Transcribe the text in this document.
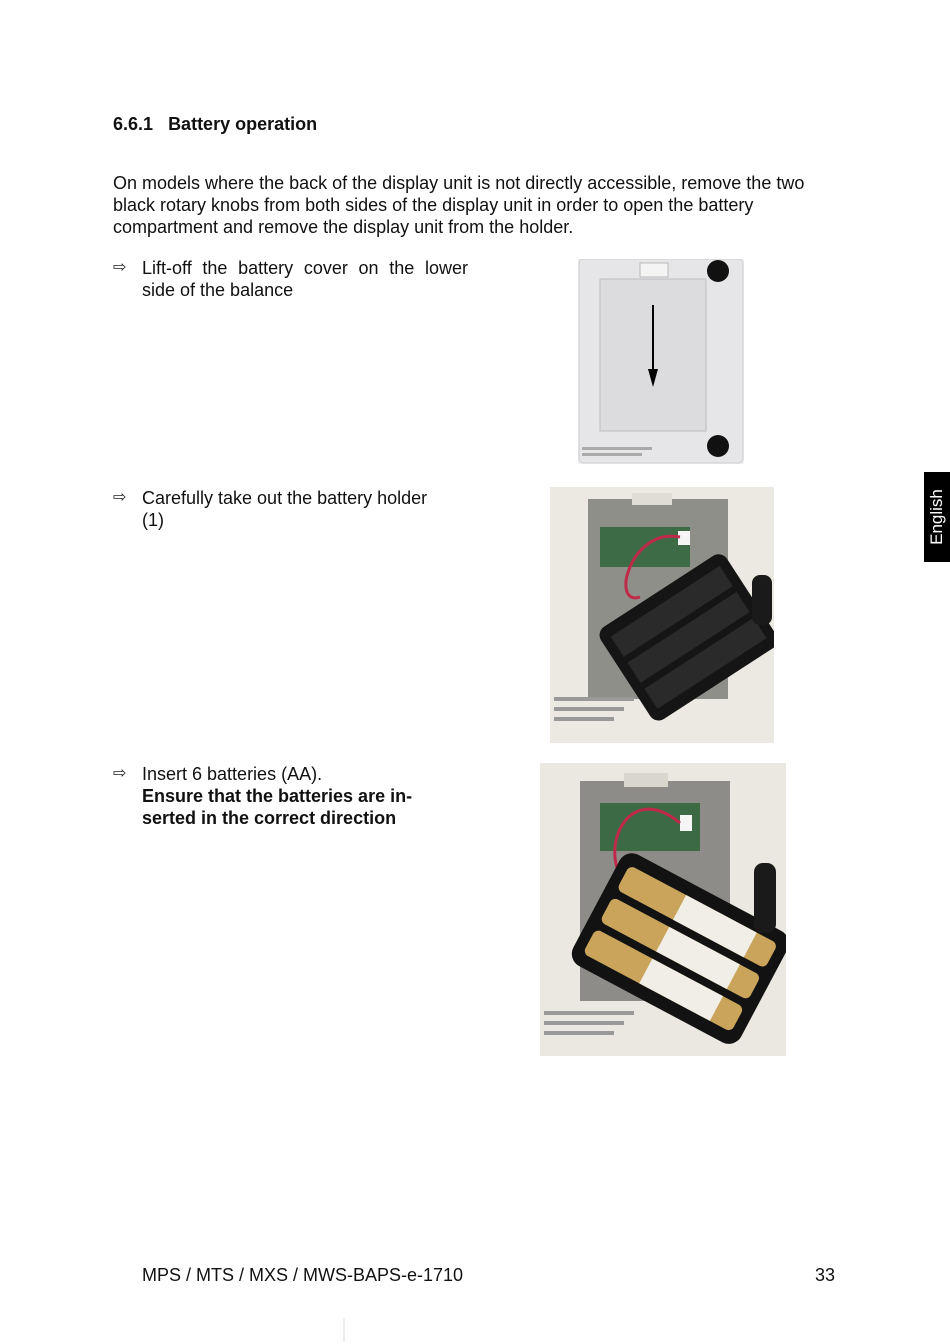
6.6.1 Battery operation
On models where the back of the display unit is not directly accessible, remove the two black rotary knobs from both sides of the display unit in order to open the battery compartment and remove the display unit from the holder.
⇨ Lift-off the battery cover on the lower side of the balance
⇨ Carefully take out the battery holder (1)
⇨ Insert 6 batteries (AA).
Ensure that the batteries are in-serted in the correct direction
English
MPS / MTS / MXS / MWS-BAPS-e-1710	33
